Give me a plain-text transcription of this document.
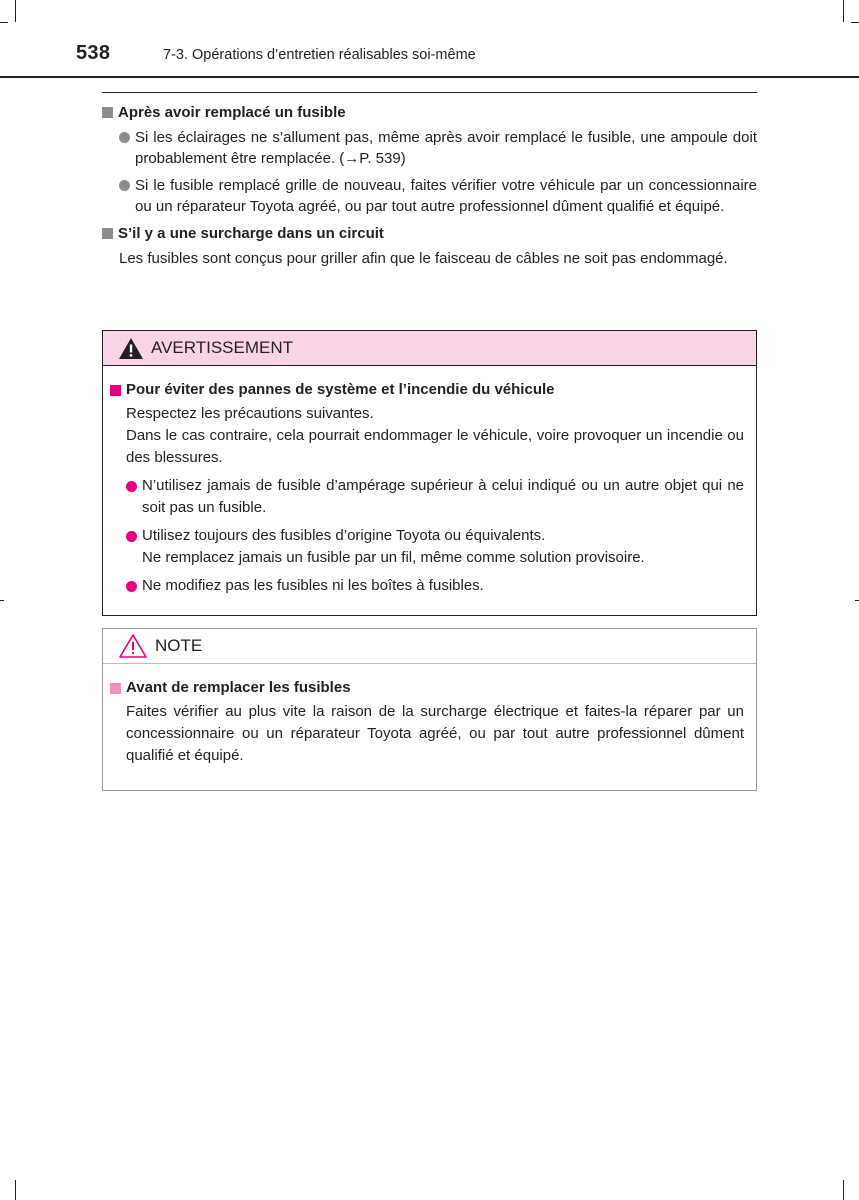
538	7-3. Opérations d’entretien réalisables soi-même
Après avoir remplacé un fusible
Si les éclairages ne s’allument pas, même après avoir remplacé le fusible, une ampoule doit probablement être remplacée. (→P. 539)
Si le fusible remplacé grille de nouveau, faites vérifier votre véhicule par un concessionnaire ou un réparateur Toyota agréé, ou par tout autre professionnel dûment qualifié et équipé.
S’il y a une surcharge dans un circuit

Les fusibles sont conçus pour griller afin que le faisceau de câbles ne soit pas endommagé.

AVERTISSEMENT
Pour éviter des pannes de système et l’incendie du véhicule
Respectez les précautions suivantes.
Dans le cas contraire, cela pourrait endommager le véhicule, voire provoquer un incendie ou des blessures.
N’utilisez jamais de fusible d’ampérage supérieur à celui indiqué ou un autre objet qui ne soit pas un fusible.
Utilisez toujours des fusibles d’origine Toyota ou équivalents.
Ne remplacez jamais un fusible par un fil, même comme solution provisoire.
Ne modifiez pas les fusibles ni les boîtes à fusibles.
NOTE
Avant de remplacer les fusibles
Faites vérifier au plus vite la raison de la surcharge électrique et faites-la réparer par un concessionnaire ou un réparateur Toyota agréé, ou par tout autre professionnel dûment qualifié et équipé.
